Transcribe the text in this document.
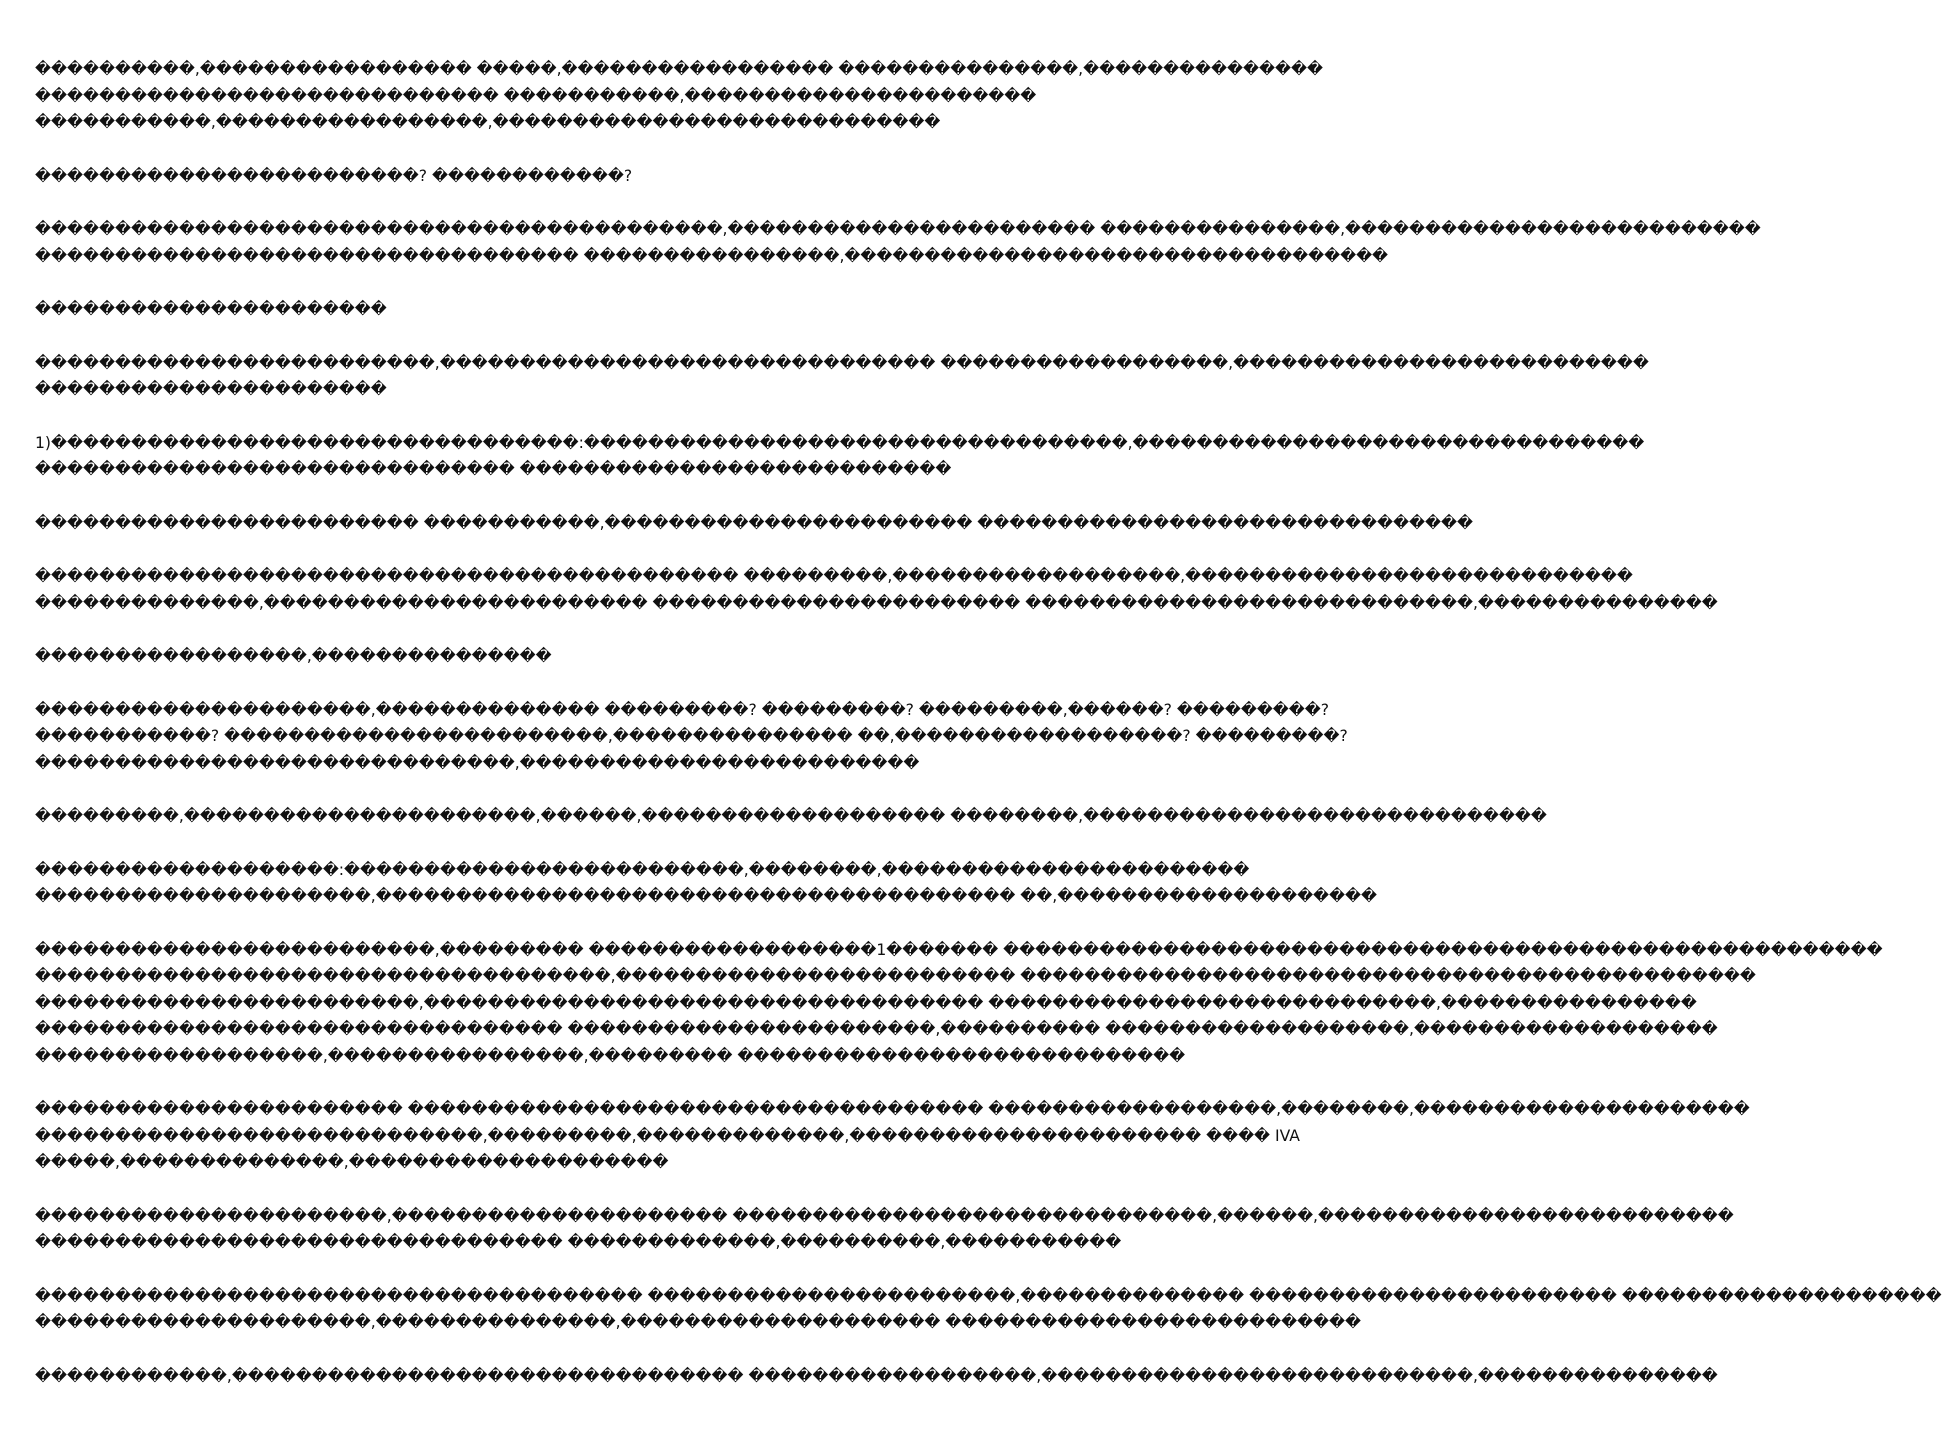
����������,����������������� �����,����������������� ���������������,���������������
����������������������������� �����������,����������������������
�����������,�����������������,����������������������������

������������������������? ������������?

�������������������������������������������,����������������������� ���������������,��������������������������
���������������������������������� ����������������,����������������������������������

����������������������

�������������������������,������������������������������� ������������������,��������������������������
����������������������

1)���������������������������������:����������������������������������,��������������������������������
������������������������������ ���������������������������

������������������������ �����������,����������������������� �������������������������������

�������������������������������������������� ���������,������������������,����������������������������
��������������,������������������������ ����������������������� ����������������������������,���������������

�����������������,���������������

���������������������,�������������� ���������? ���������? ���������,������? ���������?
�����������? ������������������������,��������������� ��,������������������? ���������?
������������������������������,�������������������������

���������,����������������������,������,������������������� ��������,�����������������������������

�������������������:�������������������������,��������,�����������������������
���������������������,���������������������������������������� ��,��������������������

�������������������������,��������� ������������������1������� �������������������������������������������������������
������������������������������������,������������������������� ����������������������������������������������
������������������������,����������������������������������� ����������������������������,����������������
��������������������������������� �����������������������,���������� �������������������,�������������������
������������������,����������������,��������� ����������������������������

����������������������� ������������������������������������ ������������������,��������,���������������������
����������������������������,���������,�������������,���������������������� ���� IVA
�����,��������������,��������������������

����������������������,��������������������� ������������������������������,������,��������������������������
��������������������������������� �������������,����������,�����������

�������������������������������������� �����������������������,�������������� ����������������������� ��������������������
���������������������,���������������,�������������������� ��������������������������

������������,�������������������������������� ������������������,���������������������������,���������������
